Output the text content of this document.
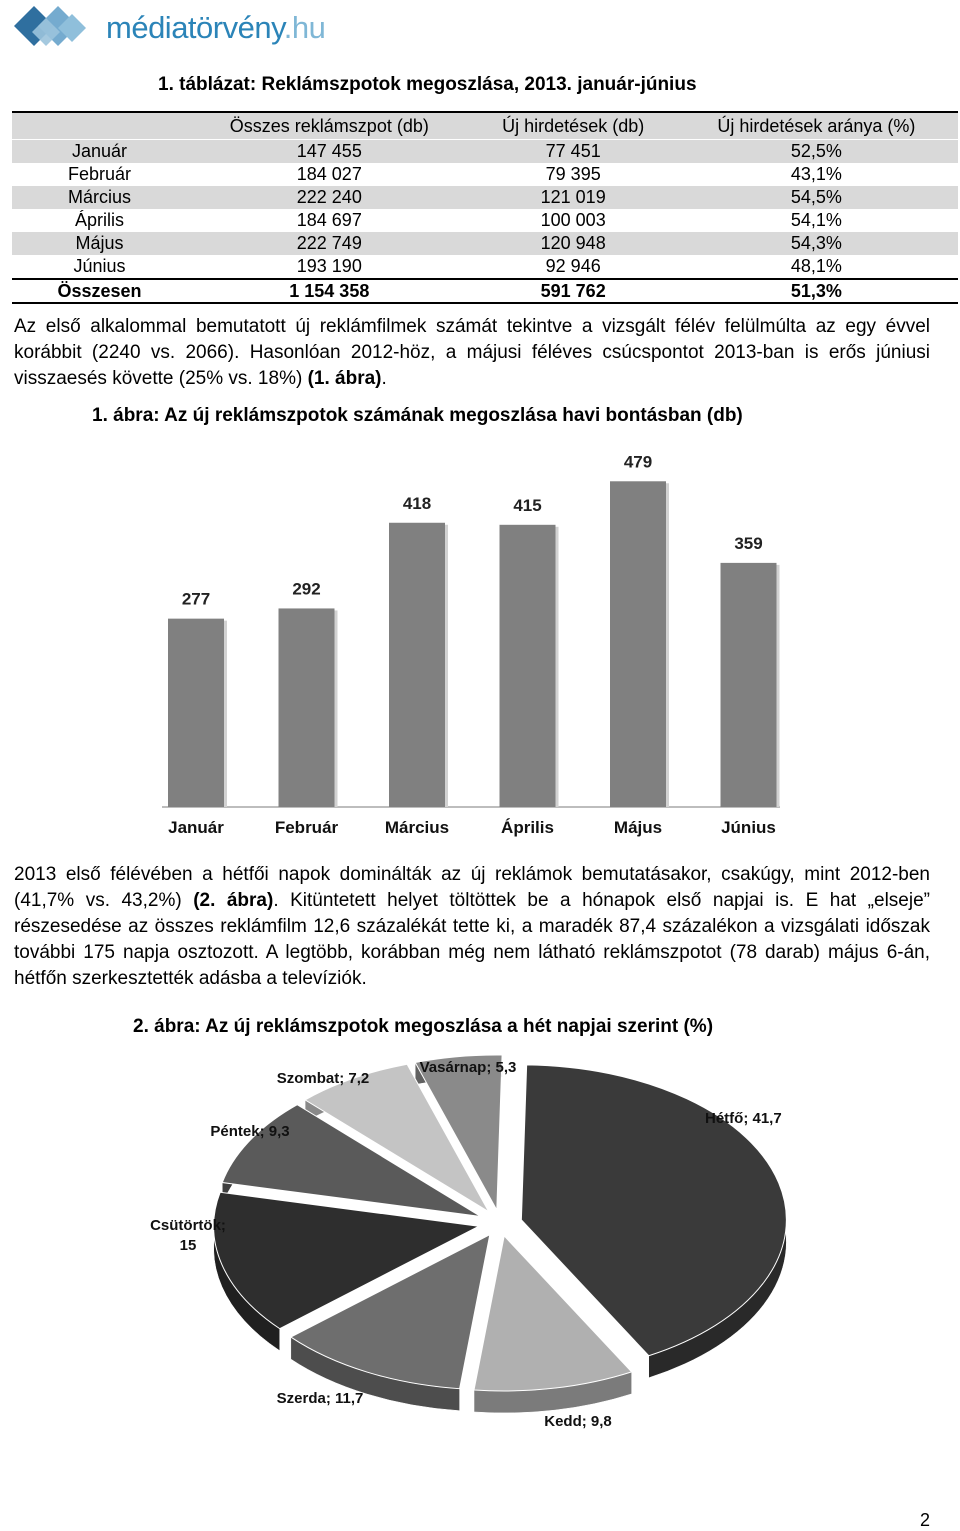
médiatörvény.hu
1. táblázat: Reklámszpotok megoszlása, 2013. január-június
	Összes reklámszpot (db)	Új hirdetések (db)	Új hirdetések aránya (%)
Január	147 455	77 451	52,5%
Február	184 027	79 395	43,1%
Március	222 240	121 019	54,5%
Április	184 697	100 003	54,1%
Május	222 749	120 948	54,3%
Június	193 190	92 946	48,1%
Összesen	1 154 358	591 762	51,3%

Az első alkalommal bemutatott új reklámfilmek számát tekintve a vizsgált félév felülmúlta az egy évvel korábbit (2240 vs. 2066). Hasonlóan 2012-höz, a májusi féléves csúcspontot 2013-ban is erős júniusi visszaesés követte (25% vs. 18%) (1. ábra).

1. ábra: Az új reklámszpotok számának megoszlása havi bontásban (db)
277
Január
292
Február
418
Március
415
Április
479
Május
359
Június

2013 első félévében a hétfői napok dominálták az új reklámok bemutatásakor, csakúgy, mint 2012-ben (41,7% vs. 43,2%) (2. ábra). Kitüntetett helyet töltöttek be a hónapok első napjai is. E hat „elseje” részesedése az összes reklámfilm 12,6 százalékát tette ki, a maradék 87,4 százalékon a vizsgálati időszak további 175 napja osztozott. A legtöbb, korábban még nem látható reklámszpotot (78 darab) május 6-án, hétfőn szerkesztették adásba a televíziók.

2. ábra: Az új reklámszpotok megoszlása a hét napjai szerint (%)
Hétfő; 41,7
Kedd; 9,8
Szerda; 11,7
Csütörtök;
15
Péntek; 9,3
Szombat; 7,2
Vasárnap; 5,3
2
